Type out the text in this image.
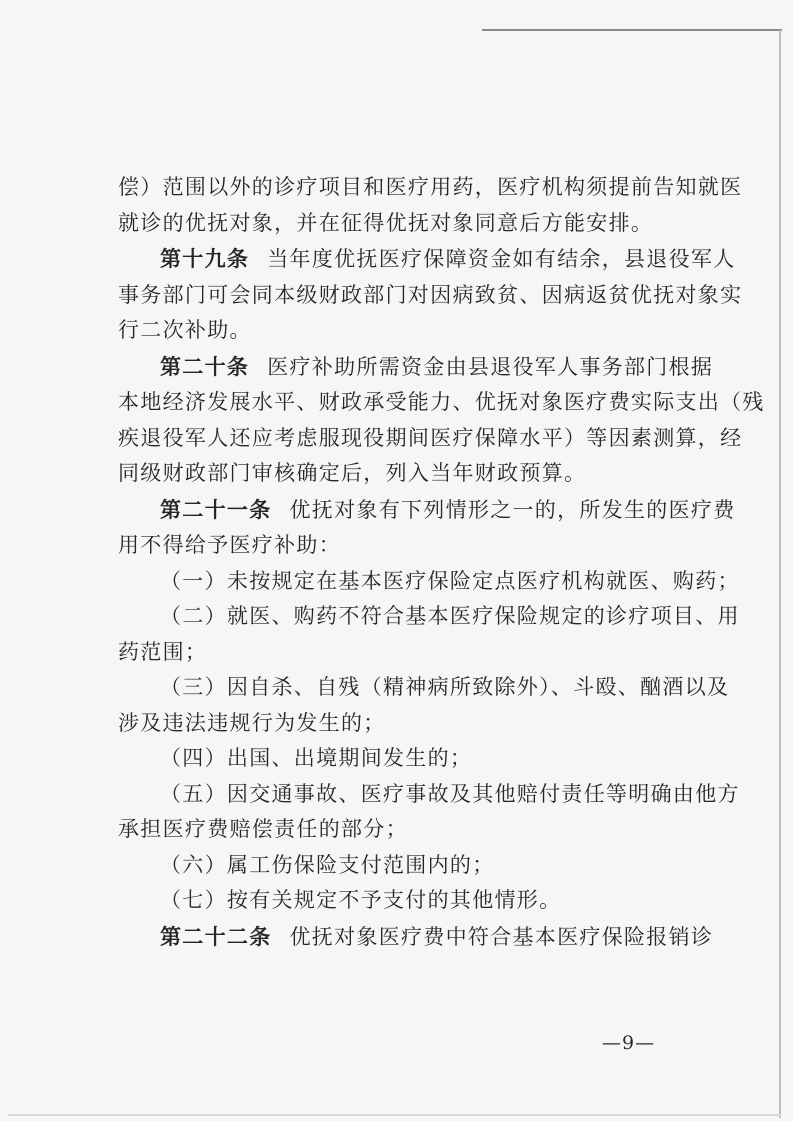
偿）范围以外的诊疗项目和医疗用药，医疗机构须提前告知就医
就诊的优抚对象，并在征得优抚对象同意后方能安排。
第十九条 当年度优抚医疗保障资金如有结余，县退役军人
事务部门可会同本级财政部门对因病致贫、因病返贫优抚对象实
行二次补助。
第二十条 医疗补助所需资金由县退役军人事务部门根据
本地经济发展水平、财政承受能力、优抚对象医疗费实际支出（残
疾退役军人还应考虑服现役期间医疗保障水平）等因素测算，经
同级财政部门审核确定后，列入当年财政预算。
第二十一条 优抚对象有下列情形之一的，所发生的医疗费
用不得给予医疗补助：
（一）未按规定在基本医疗保险定点医疗机构就医、购药；
（二）就医、购药不符合基本医疗保险规定的诊疗项目、用
药范围；
（三）因自杀、自残（精神病所致除外）、斗殴、酗酒以及
涉及违法违规行为发生的；
（四）出国、出境期间发生的；
（五）因交通事故、医疗事故及其他赔付责任等明确由他方
承担医疗费赔偿责任的部分；
（六）属工伤保险支付范围内的；
（七）按有关规定不予支付的其他情形。
第二十二条 优抚对象医疗费中符合基本医疗保险报销诊
—9—
